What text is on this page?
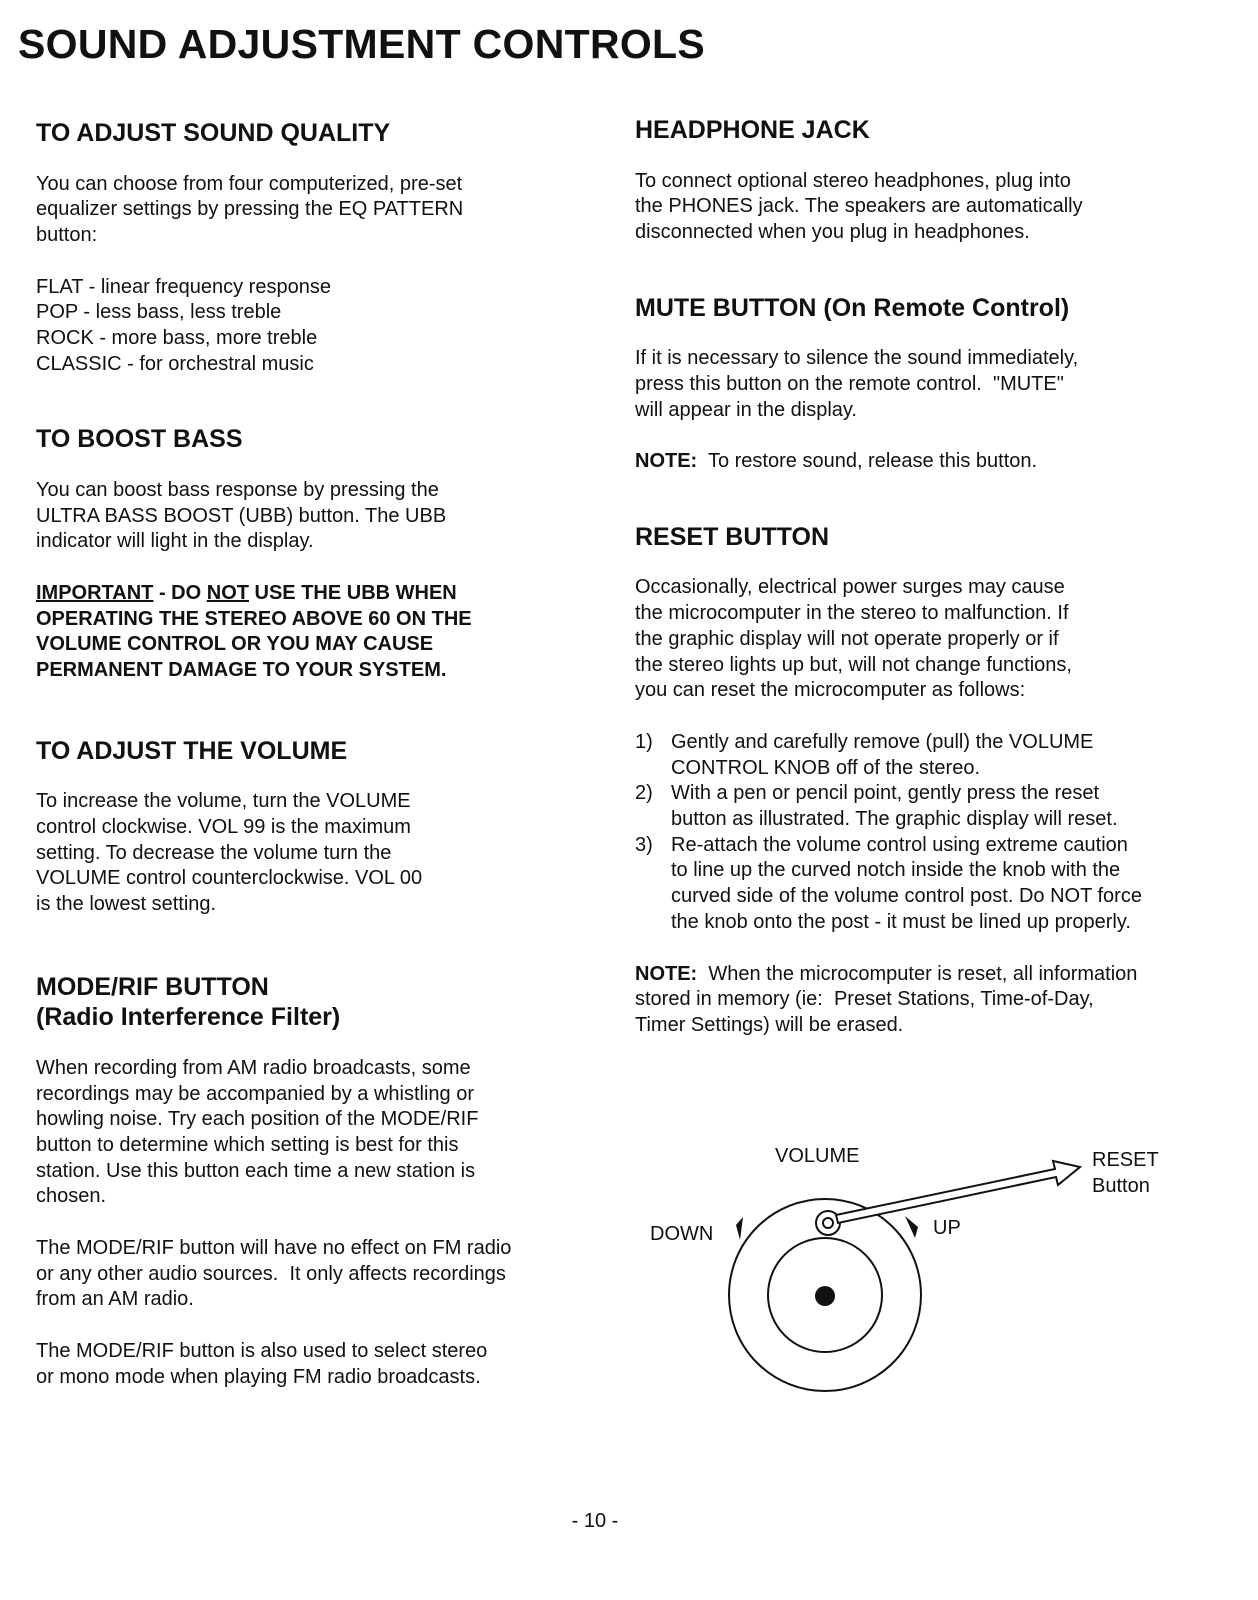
SOUND ADJUSTMENT CONTROLS
TO ADJUST SOUND QUALITY
You can choose from four computerized, pre-set
equalizer settings by pressing the EQ PATTERN
button:
FLAT - linear frequency response
POP - less bass, less treble
ROCK - more bass, more treble
CLASSIC - for orchestral music
TO BOOST BASS
You can boost bass response by pressing the
ULTRA BASS BOOST (UBB) button. The UBB
indicator will light in the display.
IMPORTANT - DO NOT USE THE UBB WHEN
OPERATING THE STEREO ABOVE 60 ON THE
VOLUME CONTROL OR YOU MAY CAUSE
PERMANENT DAMAGE TO YOUR SYSTEM.
TO ADJUST THE VOLUME
To increase the volume, turn the VOLUME
control clockwise. VOL 99 is the maximum
setting. To decrease the volume turn the
VOLUME control counterclockwise. VOL 00
is the lowest setting.
MODE/RIF BUTTON
(Radio Interference Filter)
When recording from AM radio broadcasts, some
recordings may be accompanied by a whistling or
howling noise. Try each position of the MODE/RIF
button to determine which setting is best for this
station. Use this button each time a new station is
chosen.
The MODE/RIF button will have no effect on FM radio
or any other audio sources.  It only affects recordings
from an AM radio.
The MODE/RIF button is also used to select stereo
or mono mode when playing FM radio broadcasts.
HEADPHONE JACK
To connect optional stereo headphones, plug into
the PHONES jack. The speakers are automatically
disconnected when you plug in headphones.
MUTE BUTTON (On Remote Control)
If it is necessary to silence the sound immediately,
press this button on the remote control.  "MUTE"
will appear in the display.
NOTE:  To restore sound, release this button.
RESET BUTTON
Occasionally, electrical power surges may cause
the microcomputer in the stereo to malfunction. If
the graphic display will not operate properly or if
the stereo lights up but, will not change functions,
you can reset the microcomputer as follows:
1) Gently and carefully remove (pull) the VOLUME
CONTROL KNOB off of the stereo.
2) With a pen or pencil point, gently press the reset
button as illustrated. The graphic display will reset.
3) Re-attach the volume control using extreme caution
to line up the curved notch inside the knob with the
curved side of the volume control post. Do NOT force
the knob onto the post - it must be lined up properly.
NOTE:  When the microcomputer is reset, all information
stored in memory (ie:  Preset Stations, Time-of-Day,
Timer Settings) will be erased.
VOLUME	RESET
Button
DOWN	UP
- 10 -
